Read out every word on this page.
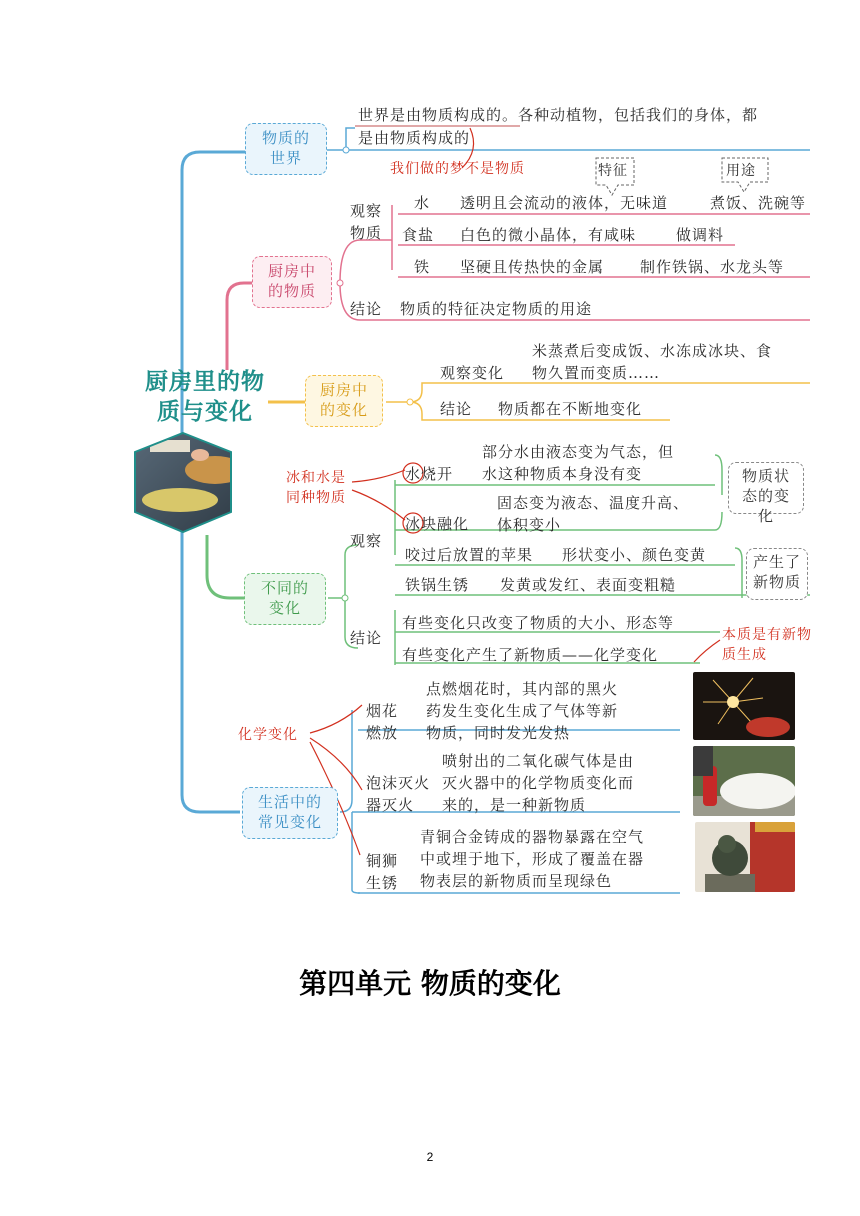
厨房里的物
质与变化
物质的
世界
厨房中
的物质
厨房中
的变化
不同的
变化
生活中的
常见变化
世界是由物质构成的。各种动植物，包括我们的身体，都
是由物质构成的
我们做的梦不是物质
观察
物质
特征	用途
水 透明且会流动的液体，无味道	煮饭、洗碗等
食盐 白色的微小晶体，有咸味	做调料
铁 坚硬且传热快的金属 制作铁锅、水龙头等
结论 物质的特征决定物质的用途
观察变化
米蒸煮后变成饭、水冻成冰块、食
物久置而变质……
结论 物质都在不断地变化
冰和水是同种物质
观察
水烧开
部分水由液态变为气态，但
水这种物质本身没有变
冰块融化
固态变为液态、温度升高、
体积变小
物质状态的变化
咬过后放置的苹果 形状变小、颜色变黄
铁锅生锈 发黄或发红、表面变粗糙
产生了新物质
结论
有些变化只改变了物质的大小、形态等
有些变化产生了新物质——化学变化
本质是有新物质生成
化学变化
烟花
燃放
点燃烟花时，其内部的黑火
药发生变化生成了气体等新
物质，同时发光发热
泡沫灭火
器灭火
喷射出的二氧化碳气体是由
灭火器中的化学物质变化而
来的，是一种新物质
铜狮
生锈
青铜合金铸成的器物暴露在空气
中或埋于地下，形成了覆盖在器
物表层的新物质而呈现绿色
第四单元 物质的变化
2
